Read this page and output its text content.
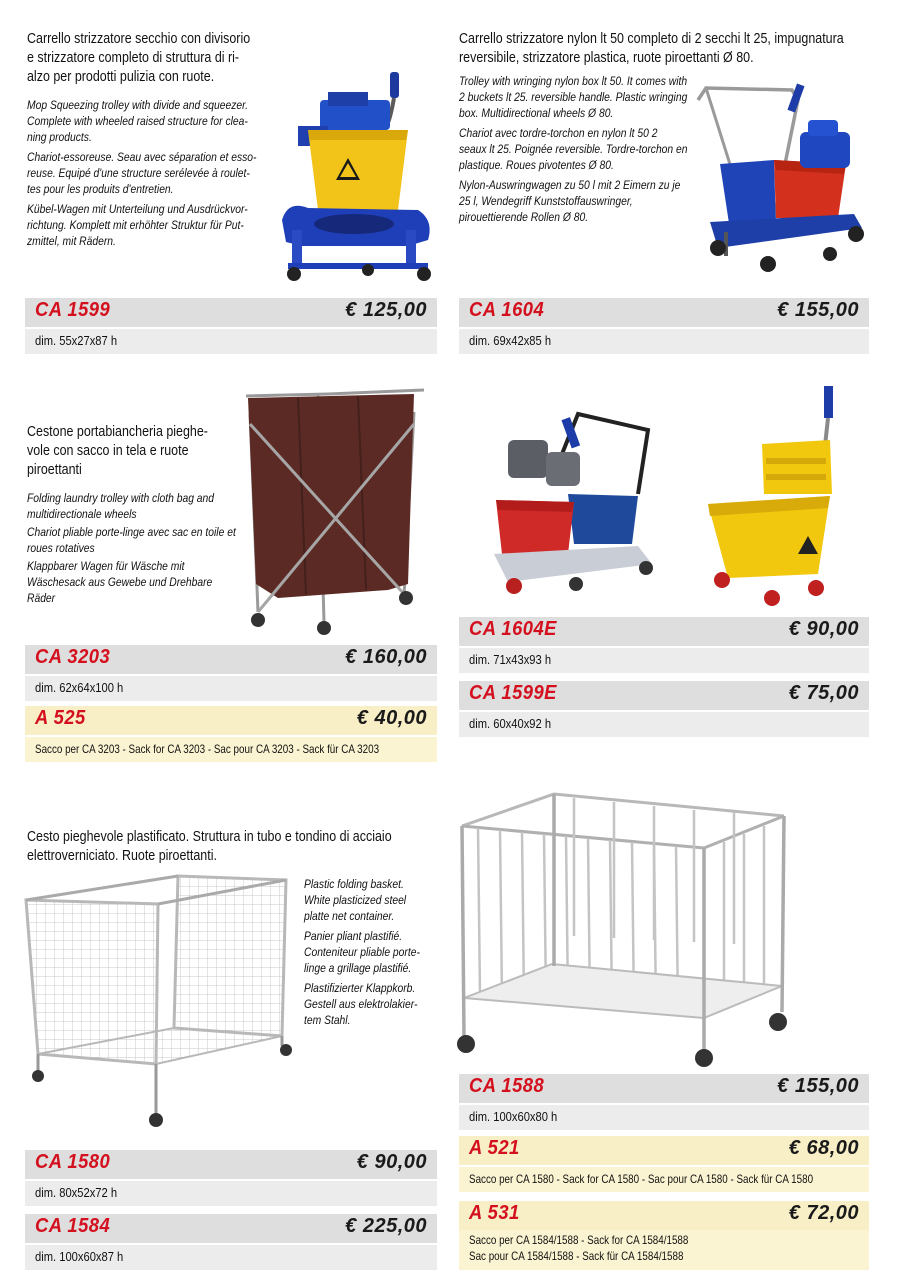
Carrello strizzatore secchio con divisorio
e strizzatore completo di struttura di ri-
alzo per prodotti pulizia con ruote.

Mop Squeezing trolley with divide and squeezer. Complete with wheeled raised structure for clea-ning products.

Chariot-essoreuse. Seau avec séparation et esso-reuse. Equipé d'une structure serélevée à roulet-tes pour les produits d'entretien.

Kübel-Wagen mit Unterteilung und Ausdrückvor-richtung. Komplett mit erhöhter Struktur für Put-zmittel, mit Rädern.

CA 1599	€ 125,00
dim. 55x27x87 h
Carrello strizzatore nylon lt 50 completo di 2 secchi lt 25, impugnatura
reversibile, strizzatore plastica, ruote piroettanti Ø 80.

Trolley with wringing nylon box lt 50. It comes with 2 buckets lt 25. reversible handle. Plastic wringing box. Multidirectional wheels Ø 80.

Chariot avec tordre-torchon en nylon lt 50 2 seaux lt 25. Poignée reversible. Tordre-torchon en plastique. Roues pivotentes Ø 80.

Nylon-Auswringwagen zu 50 l mit 2 Eimern zu je 25 l, Wendegriff Kunststoffauswringer, pirouettierende Rollen Ø 80.

CA 1604	€ 155,00
dim. 69x42x85 h
Cestone portabiancheria pieghe-
vole con sacco in tela e ruote
piroettanti

Folding laundry trolley with cloth bag and multidirectionale wheels

Chariot pliable porte-linge avec sac en toile et roues rotatives

Klappbarer Wagen für Wäsche mit Wäschesack aus Gewebe und Drehbare Räder

CA 3203	€ 160,00
dim. 62x64x100 h
A 525	€ 40,00
Sacco per CA 3203 - Sack for CA 3203 - Sac pour CA 3203 - Sack für CA 3203
CA 1604E	€ 90,00
dim. 71x43x93 h
CA 1599E	€ 75,00
dim. 60x40x92 h
Cesto pieghevole plastificato. Struttura in tubo e tondino di acciaio
elettroverniciato. Ruote piroettanti.

Plastic folding basket. White plasticized steel platte net container.

Panier pliant plastifié. Conteniteur pliable porte-linge a grillage plastifié.

Plastifizierter Klappkorb. Gestell aus elektrolakier-tem Stahl.

CA 1580	€ 90,00
dim. 80x52x72 h
CA 1584	€ 225,00
dim. 100x60x87 h
CA 1588	€ 155,00
dim. 100x60x80 h
A 521	€ 68,00
Sacco per CA 1580 - Sack for CA 1580 - Sac pour CA 1580 - Sack für CA 1580
A 531	€ 72,00
Sacco per CA 1584/1588 - Sack for CA 1584/1588
Sac pour CA 1584/1588 - Sack für CA 1584/1588
